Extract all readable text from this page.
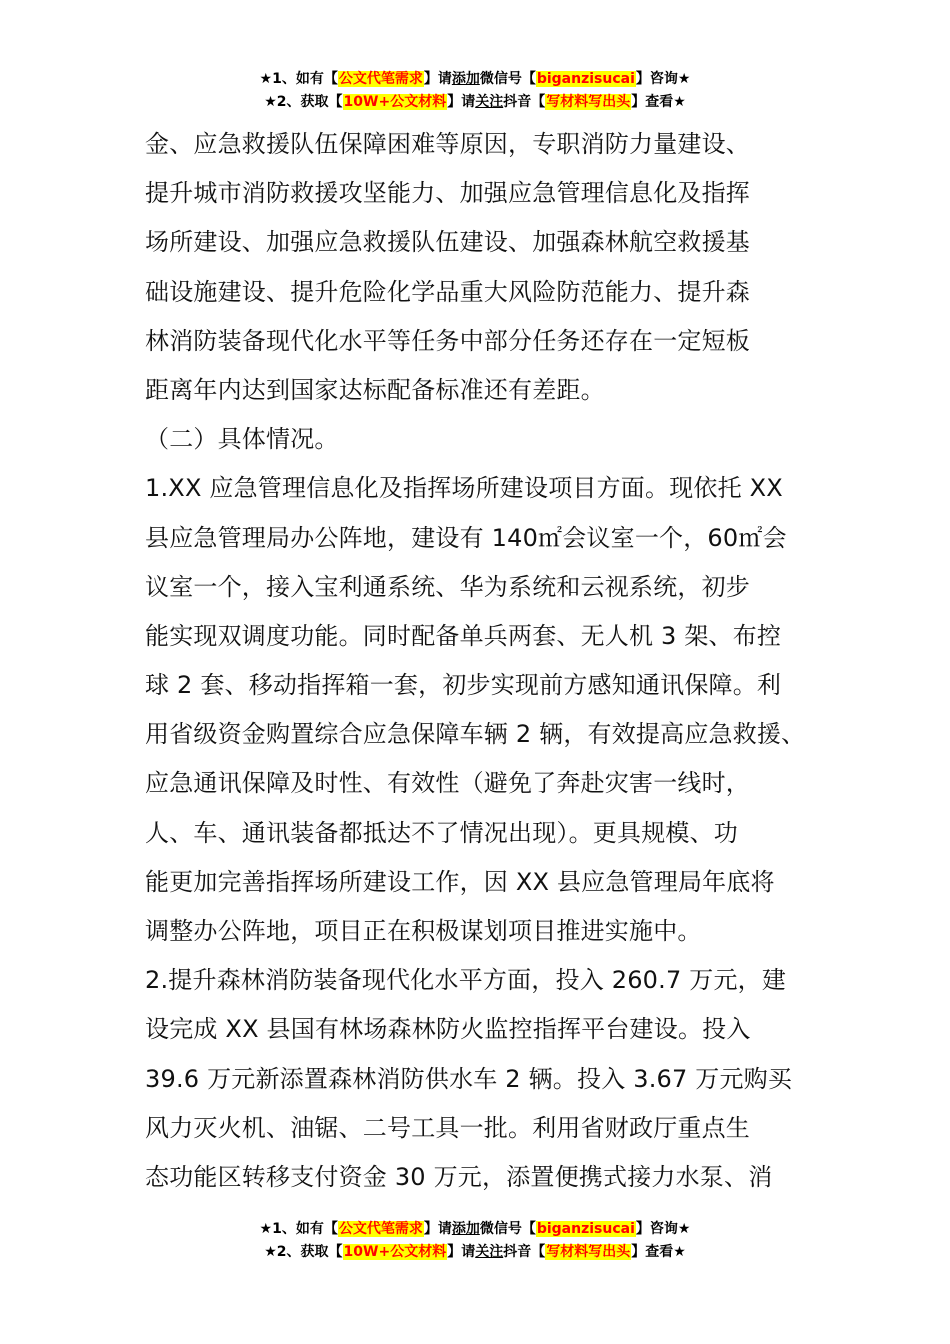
★1、如有【公文代笔需求】请添加微信号【biganzisucai】咨询★
★2、获取【10W+公文材料】请关注抖音【写材料写出头】查看★
金、应急救援队伍保障困难等原因，专职消防力量建设、
提升城市消防救援攻坚能力、加强应急管理信息化及指挥
场所建设、加强应急救援队伍建设、加强森林航空救援基
础设施建设、提升危险化学品重大风险防范能力、提升森
林消防装备现代化水平等任务中部分任务还存在一定短板
距离年内达到国家达标配备标准还有差距。
（二）具体情况。
1.XX 应急管理信息化及指挥场所建设项目方面。现依托 XX
县应急管理局办公阵地，建设有 140㎡会议室一个，60㎡会
议室一个，接入宝利通系统、华为系统和云视系统，初步
能实现双调度功能。同时配备单兵两套、无人机 3 架、布控
球 2 套、移动指挥箱一套，初步实现前方感知通讯保障。利
用省级资金购置综合应急保障车辆 2 辆，有效提高应急救援、
应急通讯保障及时性、有效性（避免了奔赴灾害一线时，
人、车、通讯装备都抵达不了情况出现）。更具规模、功
能更加完善指挥场所建设工作，因 XX 县应急管理局年底将
调整办公阵地，项目正在积极谋划项目推进实施中。
2.提升森林消防装备现代化水平方面，投入 260.7 万元，建
设完成 XX 县国有林场森林防火监控指挥平台建设。投入
39.6 万元新添置森林消防供水车 2 辆。投入 3.67 万元购买
风力灭火机、油锯、二号工具一批。利用省财政厅重点生
态功能区转移支付资金 30 万元，添置便携式接力水泵、消
★1、如有【公文代笔需求】请添加微信号【biganzisucai】咨询★
★2、获取【10W+公文材料】请关注抖音【写材料写出头】查看★
